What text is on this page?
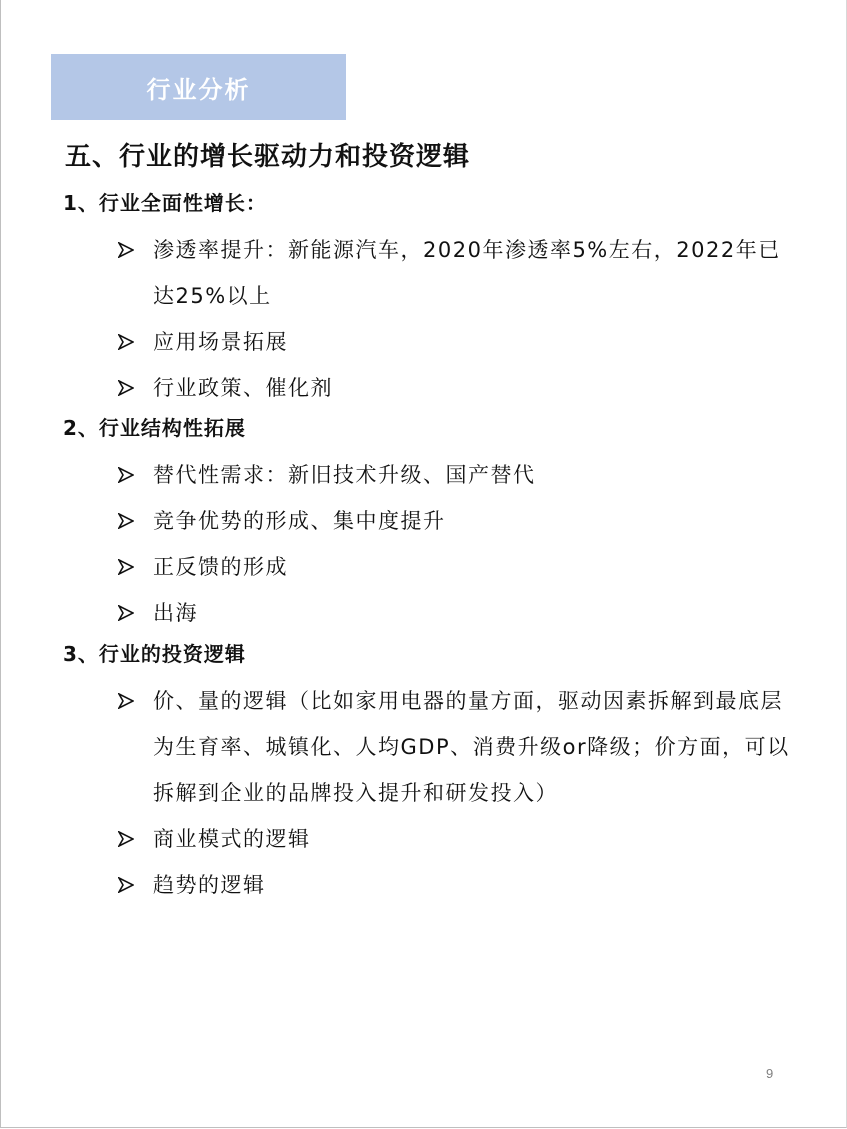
行业分析
五、行业的增长驱动力和投资逻辑
1、行业全面性增长：
渗透率提升：新能源汽车，2020年渗透率5%左右，2022年已达25%以上
应用场景拓展
行业政策、催化剂
2、行业结构性拓展
替代性需求：新旧技术升级、国产替代
竞争优势的形成、集中度提升
正反馈的形成
出海
3、行业的投资逻辑
价、量的逻辑（比如家用电器的量方面，驱动因素拆解到最底层为生育率、城镇化、人均GDP、消费升级or降级；价方面，可以拆解到企业的品牌投入提升和研发投入）
商业模式的逻辑
趋势的逻辑
9
